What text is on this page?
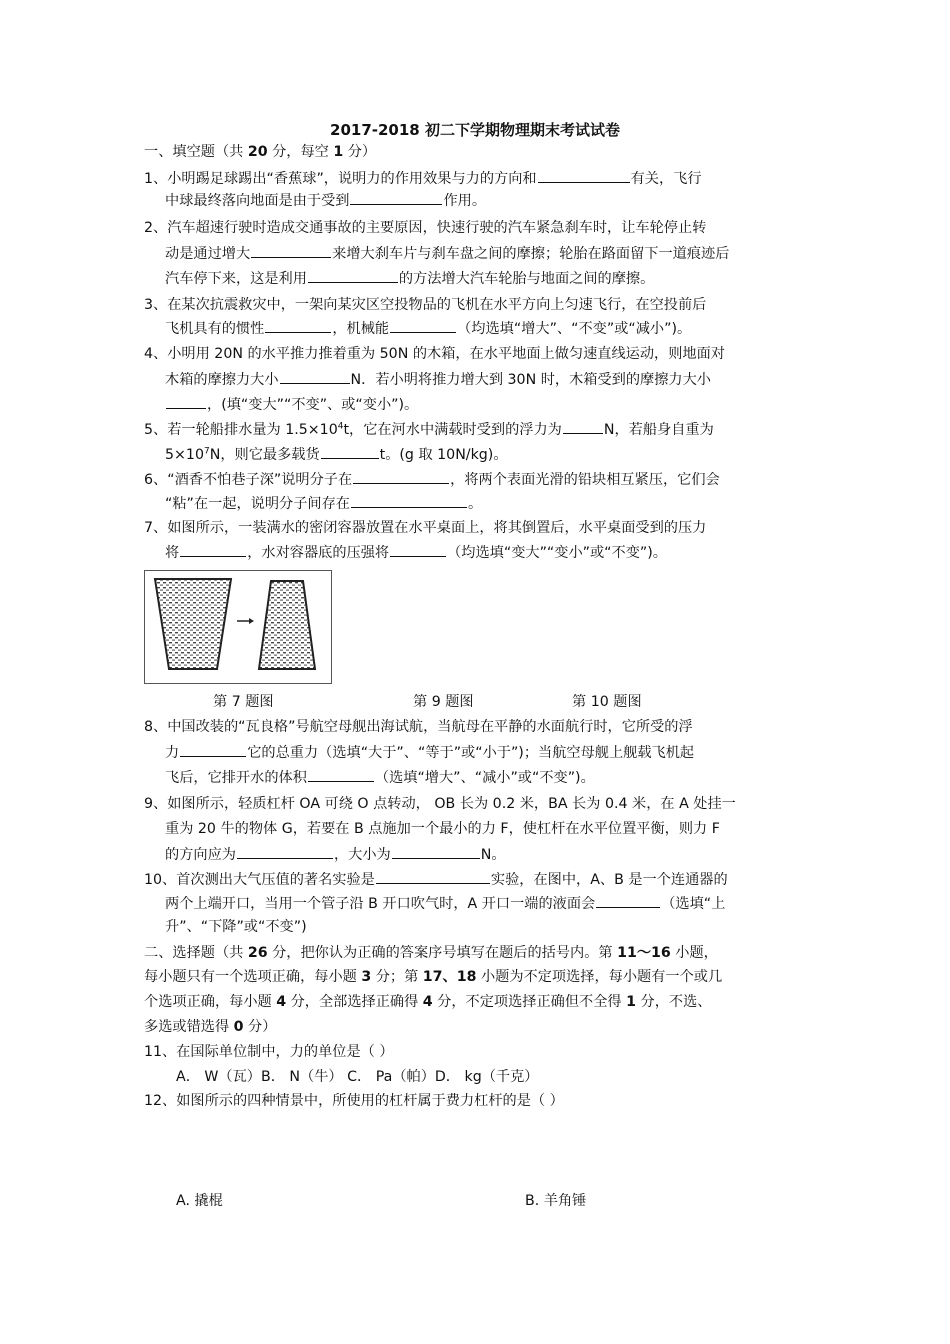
2017-2018 初二下学期物理期末考试试卷
一、填空题（共 20 分，每空 1 分）
1、小明踢足球踢出“香蕉球”，说明力的作用效果与力的方向和	有关，飞行
中球最终落向地面是由于受到	作用。
2、汽车超速行驶时造成交通事故的主要原因，快速行驶的汽车紧急刹车时，让车轮停止转
动是通过增大	来增大刹车片与刹车盘之间的摩擦；轮胎在路面留下一道痕迹后
汽车停下来，这是利用	的方法增大汽车轮胎与地面之间的摩擦。
3、在某次抗震救灾中，一架向某灾区空投物品的飞机在水平方向上匀速飞行，在空投前后
飞机具有的惯性	，机械能	（均选填“增大”、“不变”或“减小”)。
4、小明用 20N 的水平推力推着重为 50N 的木箱，在水平地面上做匀速直线运动，则地面对
木箱的摩擦力大小	N．若小明将推力增大到 30N 时，木箱受到的摩擦力大小
，(填“变大”“不变”、或“变小”)。
5、若一轮船排水量为 $1.5\times 10^4t$，它在河水中满载时受到的浮力为	N，若船身自重为
$5\times 10^7N$，则它最多载货	t。(g 取 10N/kg)。
6、“酒香不怕巷子深”说明分子在	，将两个表面光滑的铅块相互紧压，它们会
“粘”在一起，说明分子间存在	。
7、如图所示，一装满水的密闭容器放置在水平桌面上，将其倒置后，水平桌面受到的压力
将	，水对容器底的压强将	（均选填“变大”“变小”或“不变”)。
第 7 题图	第 9 题图	第 10 题图
8、中国改装的“瓦良格”号航空母舰出海试航，当航母在平静的水面航行时，它所受的浮
力	它的总重力（选填“大于”、“等于”或“小于”)；当航空母舰上舰载飞机起
飞后，它排开水的体积	（选填“增大”、“减小”或“不变”)。
9、如图所示，轻质杠杆 OA 可绕 O 点转动， OB 长为 0.2 米，BA 长为 0.4 米，在 A 处挂一
重为 20 牛的物体 G，若要在 B 点施加一个最小的力 F，使杠杆在水平位置平衡，则力 F
的方向应为	，大小为	N。
10、首次测出大气压值的著名实验是	实验，在图中，A、B 是一个连通器的
两个上端开口，当用一个管子沿 B 开口吹气时，A 开口一端的液面会	（选填“上
升”、“下降”或“不变”)
二、选择题（共 26 分，把你认为正确的答案序号填写在题后的括号内。第 11～16 小题，
每小题只有一个选项正确，每小题 3 分；第 17、18 小题为不定项选择，每小题有一个或几
个选项正确，每小题 4 分，全部选择正确得 4 分，不定项选择正确但不全得 1 分，不选、
多选或错选得 0 分）
11、在国际单位制中，力的单位是（ ）
A． W（瓦）B． N（牛） C． Pa（帕）D． kg（千克）
12、如图所示的四种情景中，所使用的杠杆属于费力杠杆的是（ ）
A. 撬棍	B. 羊角锤
